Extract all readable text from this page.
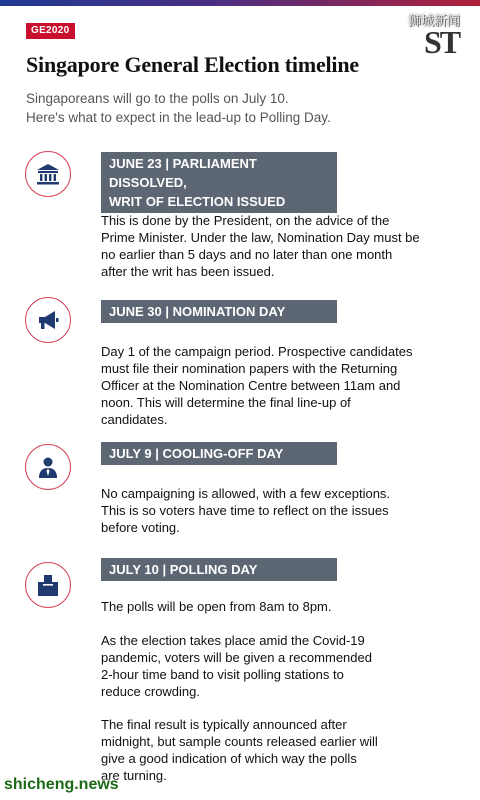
GE2020
狮城新闻
ST
Singapore General Election timeline
Singaporeans will go to the polls on July 10.
Here's what to expect in the lead-up to Polling Day.
JUNE 23 | PARLIAMENT DISSOLVED,
WRIT OF ELECTION ISSUED
This is done by the President, on the advice of the
Prime Minister. Under the law, Nomination Day must be
no earlier than 5 days and no later than one month
after the writ has been issued.
JUNE 30 | NOMINATION DAY
Day 1 of the campaign period. Prospective candidates
must file their nomination papers with the Returning
Officer at the Nomination Centre between 11am and
noon. This will determine the final line-up of
candidates.
JULY 9 | COOLING-OFF DAY
No campaigning is allowed, with a few exceptions.
This is so voters have time to reflect on the issues
before voting.
JULY 10 | POLLING DAY
The polls will be open from 8am to 8pm.
As the election takes place amid the Covid-19
pandemic, voters will be given a recommended
2-hour time band to visit polling stations to
reduce crowding.
The final result is typically announced after
midnight, but sample counts released earlier will
give a good indication of which way the polls
are turning.
shicheng.news
